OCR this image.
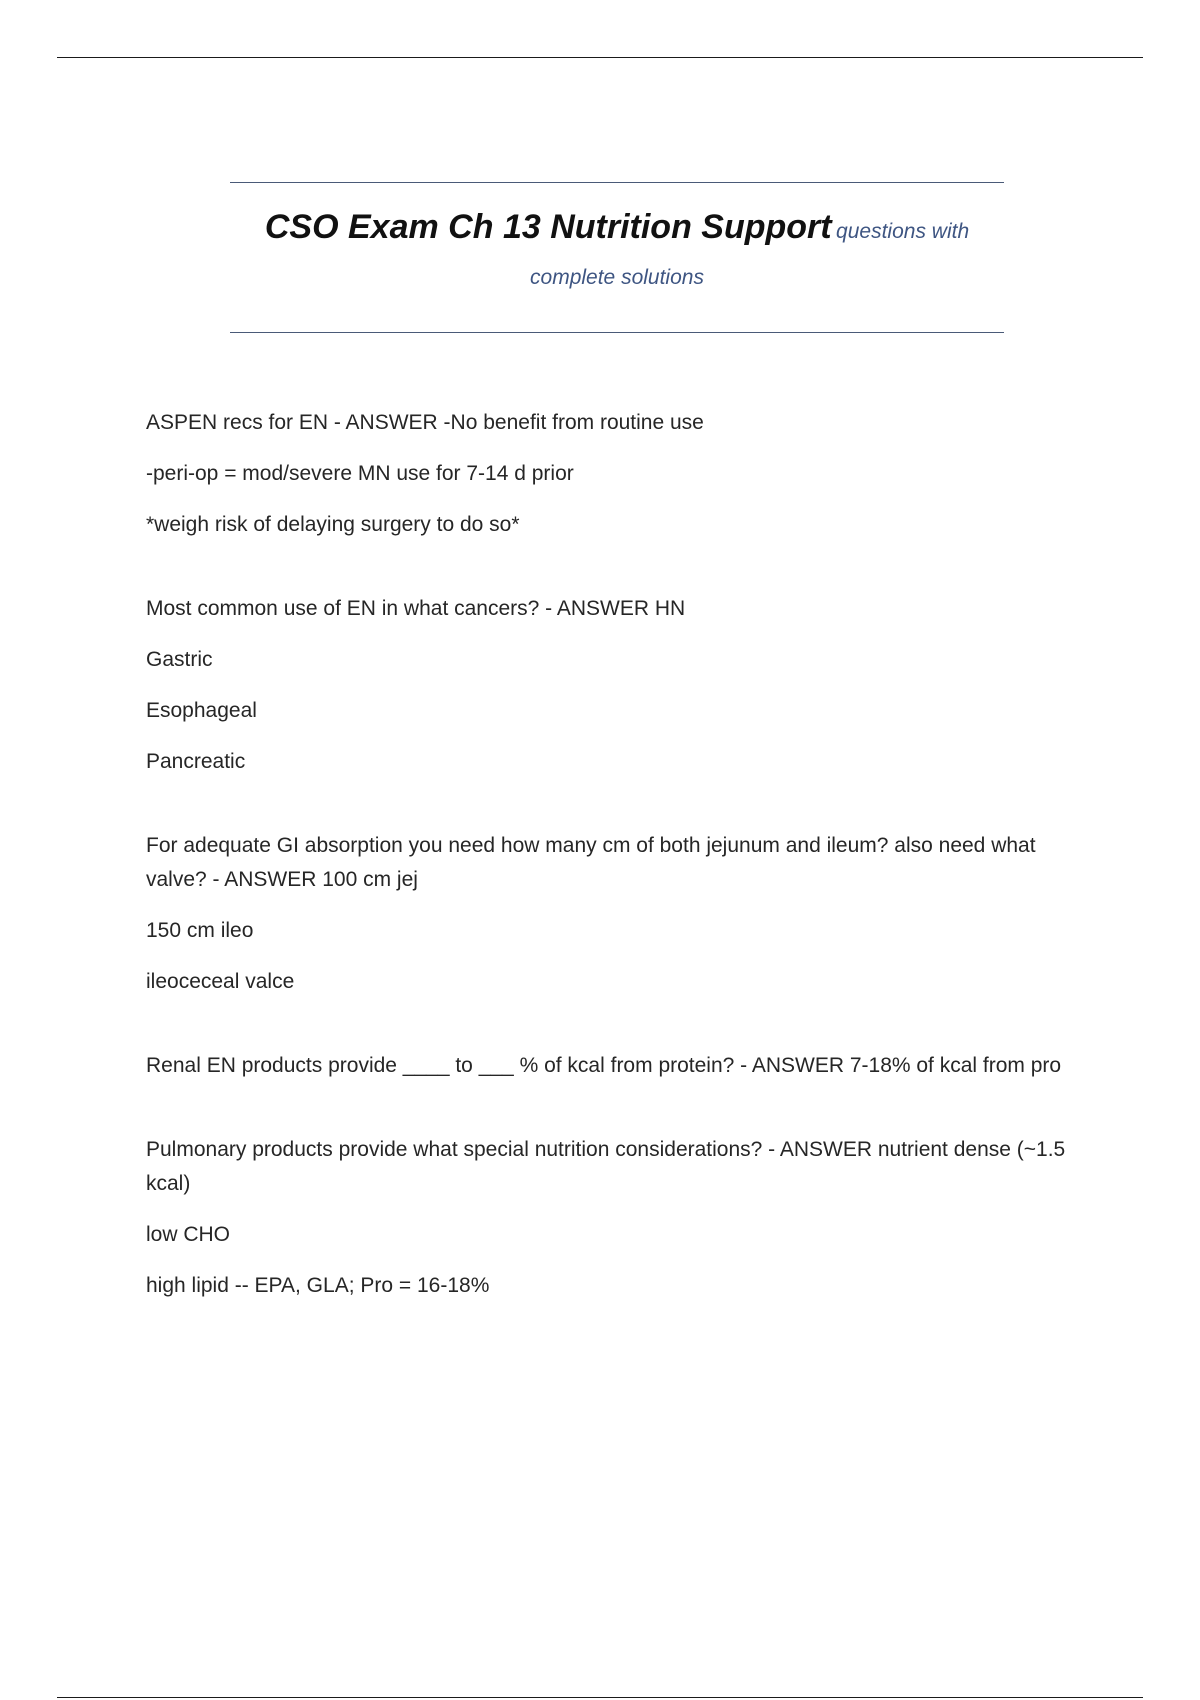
CSO Exam Ch 13 Nutrition Support questions with complete solutions

ASPEN recs for EN - ANSWER -No benefit from routine use

-peri-op = mod/severe MN use for 7-14 d prior

*weigh risk of delaying surgery to do so*

Most common use of EN in what cancers? - ANSWER HN

Gastric

Esophageal

Pancreatic

For adequate GI absorption you need how many cm of both jejunum and ileum? also need what valve? - ANSWER 100 cm jej

150 cm ileo

ileoceceal valce

Renal EN products provide ____ to ___ % of kcal from protein? - ANSWER 7-18% of kcal from pro

Pulmonary products provide what special nutrition considerations? - ANSWER nutrient dense (~1.5 kcal)

low CHO

high lipid -- EPA, GLA; Pro = 16-18%
